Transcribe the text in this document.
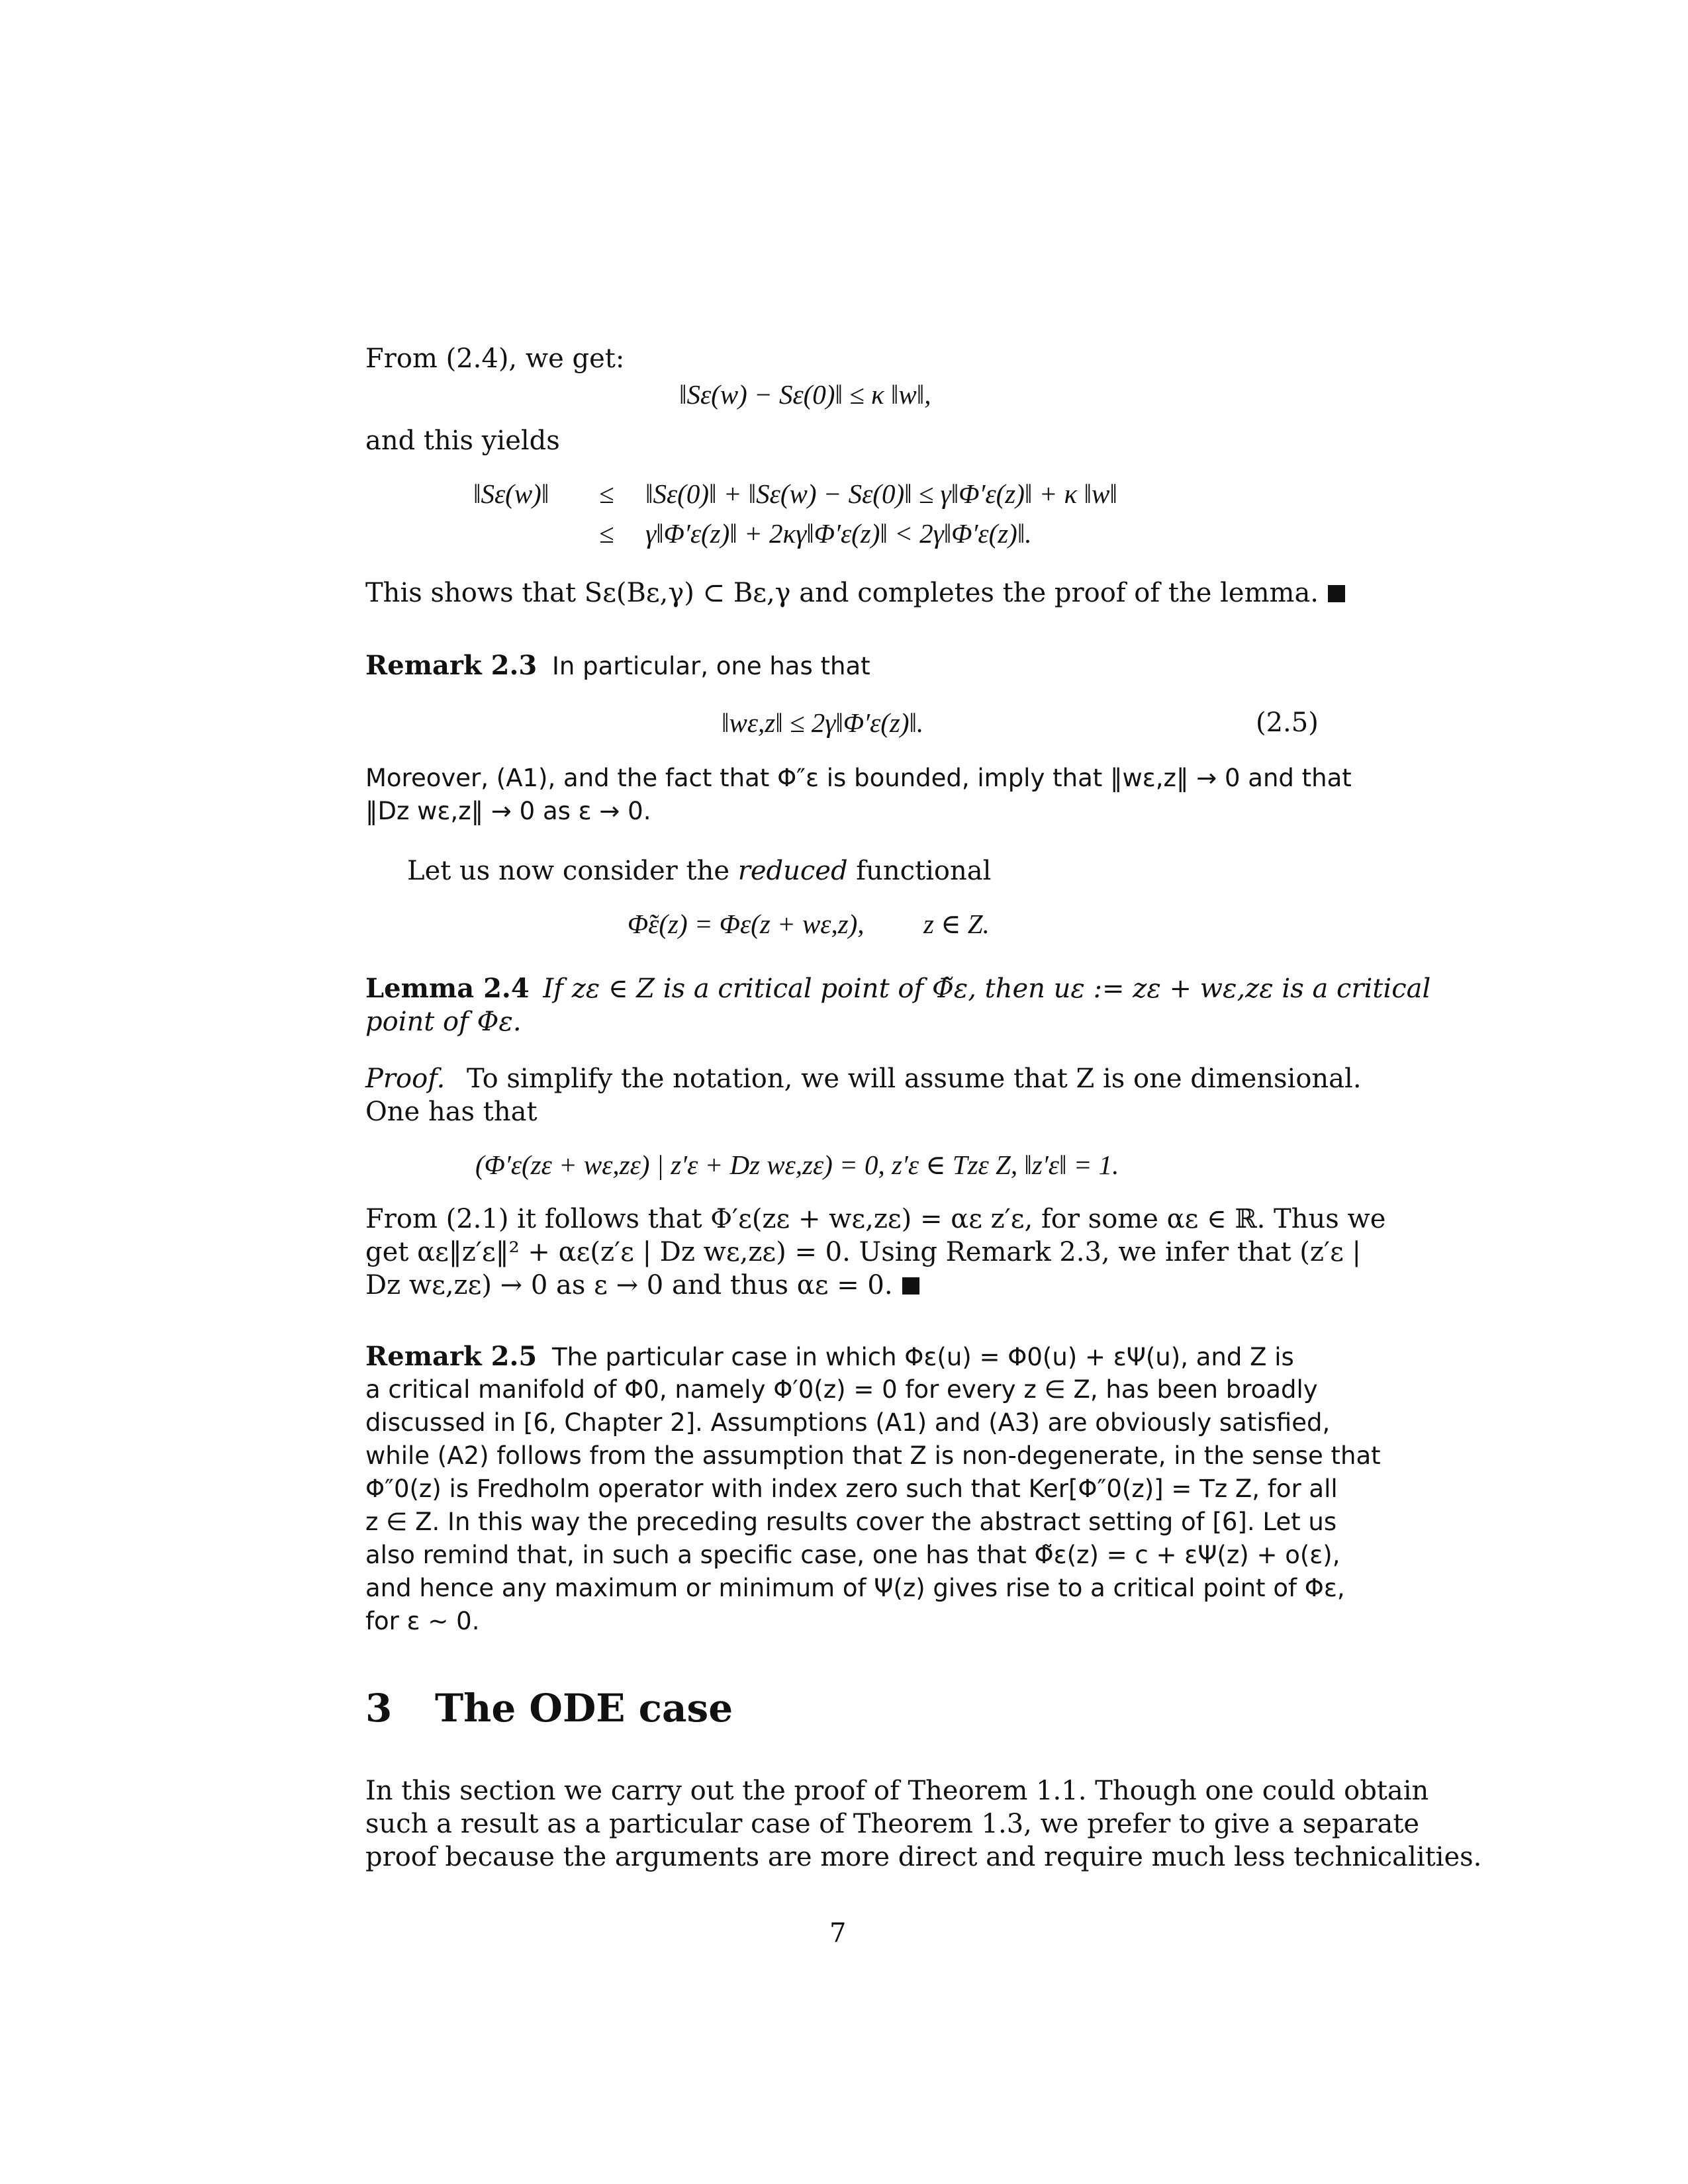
From (2.4), we get:
‖Sε(w) − Sε(0)‖ ≤ κ ‖w‖,
and this yields
‖Sε(w)‖ ≤ ‖Sε(0)‖ + ‖Sε(w) − Sε(0)‖ ≤ γ‖Φ′ε(z)‖ + κ ‖w‖
≤ γ‖Φ′ε(z)‖ + 2κγ‖Φ′ε(z)‖ < 2γ‖Φ′ε(z)‖.
This shows that Sε(Bε,γ) ⊂ Bε,γ and completes the proof of the lemma.
Remark 2.3 In particular, one has that
‖wε,z‖ ≤ 2γ‖Φ′ε(z)‖.	(2.5)
Moreover, (A1), and the fact that Φ″ε is bounded, imply that ‖wε,z‖ → 0 and that
‖Dz wε,z‖ → 0 as ε → 0.
Let us now consider the reduced functional
Φ̃ε(z) = Φε(z + wε,z), z ∈ Z.
Lemma 2.4 If zε ∈ Z is a critical point of Φ̃ε, then uε := zε + wε,zε is a critical
point of Φε.
Proof. To simplify the notation, we will assume that Z is one dimensional.
One has that
(Φ′ε(zε + wε,zε) | z′ε + Dz wε,zε) = 0, z′ε ∈ Tzε Z, ‖z′ε‖ = 1.
From (2.1) it follows that Φ′ε(zε + wε,zε) = αε z′ε, for some αε ∈ ℝ. Thus we
get αε‖z′ε‖² + αε(z′ε | Dz wε,zε) = 0. Using Remark 2.3, we infer that (z′ε |
Dz wε,zε) → 0 as ε → 0 and thus αε = 0.
Remark 2.5 The particular case in which Φε(u) = Φ0(u) + εΨ(u), and Z is
a critical manifold of Φ0, namely Φ′0(z) = 0 for every z ∈ Z, has been broadly
discussed in [6, Chapter 2]. Assumptions (A1) and (A3) are obviously satisfied,
while (A2) follows from the assumption that Z is non-degenerate, in the sense that
Φ″0(z) is Fredholm operator with index zero such that Ker[Φ″0(z)] = Tz Z, for all
z ∈ Z. In this way the preceding results cover the abstract setting of [6]. Let us
also remind that, in such a specific case, one has that Φ̃ε(z) = c + εΨ(z) + o(ε),
and hence any maximum or minimum of Ψ(z) gives rise to a critical point of Φε,
for ε ∼ 0.
3 The ODE case
In this section we carry out the proof of Theorem 1.1. Though one could obtain
such a result as a particular case of Theorem 1.3, we prefer to give a separate
proof because the arguments are more direct and require much less technicalities.
7
